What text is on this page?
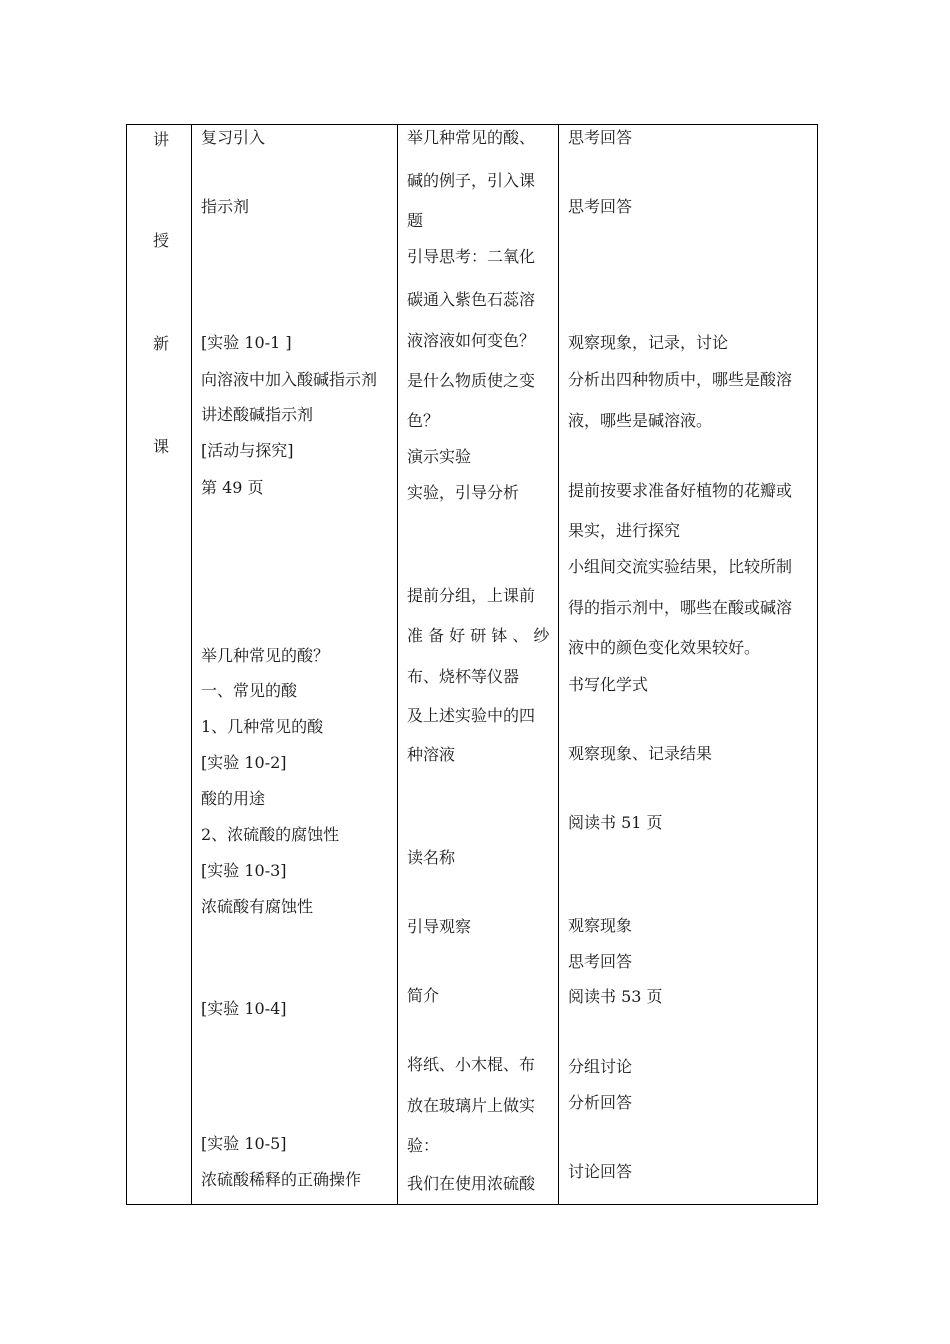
讲
授
新
课
复习引入
指示剂
[实验 10-1 ]
向溶液中加入酸碱指示剂
讲述酸碱指示剂
[活动与探究]
第 49 页
举几种常见的酸？
一、常见的酸
1、几种常见的酸
[实验 10-2]
酸的用途
2、浓硫酸的腐蚀性
[实验 10-3]
浓硫酸有腐蚀性
[实验 10-4]
[实验 10-5]
浓硫酸稀释的正确操作
举几种常见的酸、
碱的例子，引入课
题
引导思考：二氧化
碳通入紫色石蕊溶
液溶液如何变色？
是什么物质使之变
色？
演示实验
实验，引导分析
提前分组，上课前
准 备 好 研 钵 、 纱
布、烧杯等仪器
及上述实验中的四
种溶液
读名称
引导观察
简介
将纸、小木棍、布
放在玻璃片上做实
验：
我们在使用浓硫酸
思考回答
思考回答
观察现象，记录，讨论
分析出四种物质中，哪些是酸溶
液，哪些是碱溶液。
提前按要求准备好植物的花瓣或
果实，进行探究
小组间交流实验结果，比较所制
得的指示剂中，哪些在酸或碱溶
液中的颜色变化效果较好。
书写化学式
观察现象、记录结果
阅读书 51 页
观察现象
思考回答
阅读书 53 页
分组讨论
分析回答
讨论回答
